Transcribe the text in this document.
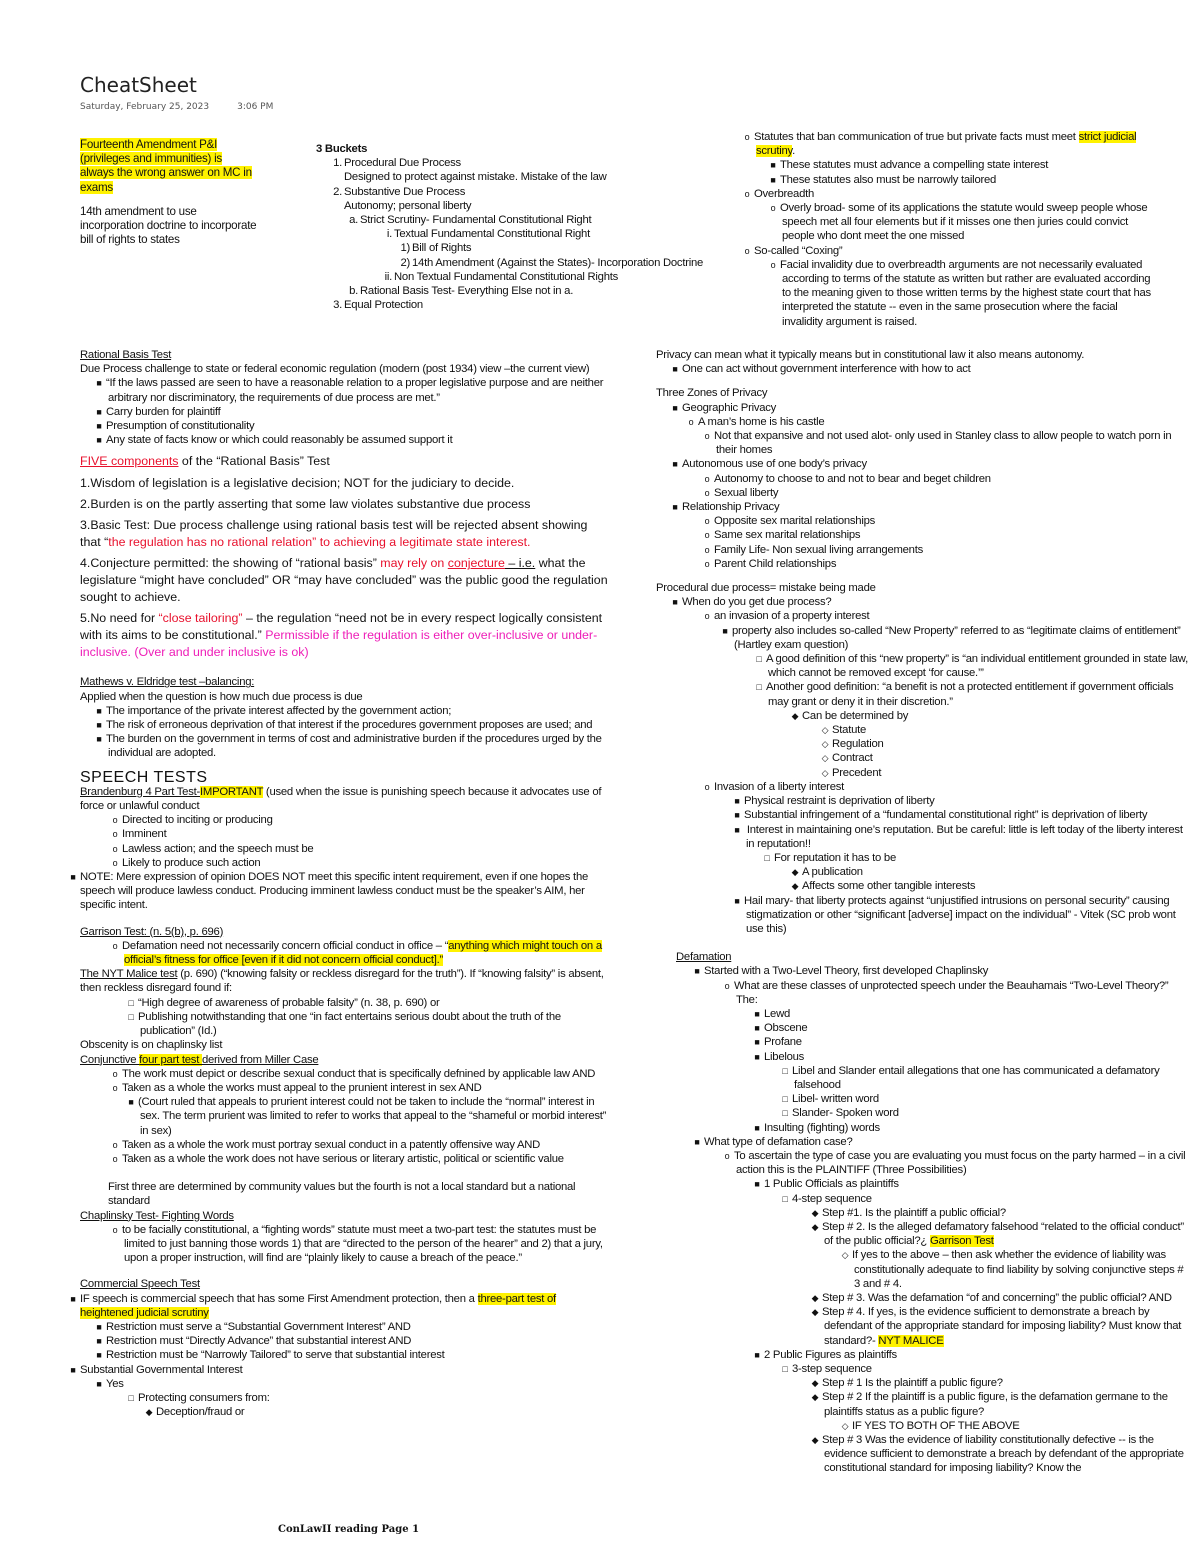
CheatSheet
Saturday, February 25, 2023	3:06 PM

Fourteenth Amendment P&I (privileges and immunities) is always the wrong answer on MC in exams

14th amendment to use incorporation doctrine to incorporate bill of rights to states

3 Buckets

1. Procedural Due Process

Designed to protect against mistake. Mistake of the law

2. Substantive Due Process

Autonomy; personal liberty

a. Strict Scrutiny- Fundamental Constitutional Right

i. Textual Fundamental Constitutional Right

1) Bill of Rights

2) 14th Amendment (Against the States)- Incorporation Doctrine

ii. Non Textual Fundamental Constitutional Rights

b. Rational Basis Test- Everything Else not in a.

3. Equal Protection

Rational Basis Test

Due Process challenge to state or federal economic regulation (modern (post 1934) view –the current view)

■ “If the laws passed are seen to have a reasonable relation to a proper legislative purpose and are neither arbitrary nor discriminatory, the requirements of due process are met.”

■ Carry burden for plaintiff

■ Presumption of constitutionality

■ Any state of facts know or which could reasonably be assumed support it

FIVE components of the “Rational Basis” Test

1.Wisdom of legislation is a legislative decision; NOT for the judiciary to decide.

2.Burden is on the partly asserting that some law violates substantive due process

3.Basic Test: Due process challenge using rational basis test will be rejected absent showing that “the regulation has no rational relation” to achieving a legitimate state interest.

4.Conjecture permitted: the showing of “rational basis” may rely on conjecture – i.e. what the legislature “might have concluded” OR “may have concluded” was the public good the regulation sought to achieve.

5.No need for “close tailoring” – the regulation “need not be in every respect logically consistent with its aims to be constitutional.” Permissible if the regulation is either over-inclusive or under-inclusive. (Over and under inclusive is ok)

Mathews v. Eldridge test –balancing:

Applied when the question is how much due process is due

■ The importance of the private interest affected by the government action;

■ The risk of erroneous deprivation of that interest if the procedures government proposes are used; and

■ The burden on the government in terms of cost and administrative burden if the procedures urged by the individual are adopted.

SPEECH TESTS

Brandenburg 4 Part Test-IMPORTANT (used when the issue is punishing speech because it advocates use of force or unlawful conduct

o Directed to inciting or producing

o Imminent

o Lawless action; and the speech must be

o Likely to produce such action

■ NOTE: Mere expression of opinion DOES NOT meet this specific intent requirement, even if one hopes the speech will produce lawless conduct. Producing imminent lawless conduct must be the speaker’s AIM, her specific intent.

Garrison Test: (n. 5(b), p. 696)

o Defamation need not necessarily concern official conduct in office – “anything which might touch on a official’s fitness for office [even if it did not concern official conduct].”

The NYT Malice test (p. 690) (“knowing falsity or reckless disregard for the truth”). If “knowing falsity” is absent, then reckless disregard found if:

□ “High degree of awareness of probable falsity” (n. 38, p. 690) or

□ Publishing notwithstanding that one “in fact entertains serious doubt about the truth of the publication” (Id.)

Obscenity is on chaplinsky list

Conjunctive four part test derived from Miller Case

o The work must depict or describe sexual conduct that is specifically defnined by applicable law AND

o Taken as a whole the works must appeal to the prunient interest in sex AND

■ (Court ruled that appeals to prurient interest could not be taken to include the “normal” interest in sex. The term prurient was limited to refer to works that appeal to the “shameful or morbid interest” in sex)

o Taken as a whole the work must portray sexual conduct in a patently offensive way AND

o Taken as a whole the work does not have serious or literary artistic, political or scientific value

First three are determined by community values but the fourth is not a local standard but a national standard

Chaplinsky Test- Fighting Words

o to be facially constitutional, a “fighting words” statute must meet a two-part test: the statutes must be limited to just banning those words 1) that are “directed to the person of the hearer” and 2) that a jury, upon a proper instruction, will find are “plainly likely to cause a breach of the peace.”

Commercial Speech Test

■ IF speech is commercial speech that has some First Amendment protection, then a three-part test of heightened judicial scrutiny

■ Restriction must serve a “Substantial Government Interest” AND

■ Restriction must “Directly Advance” that substantial interest AND

■ Restriction must be “Narrowly Tailored” to serve that substantial interest

■ Substantial Governmental Interest

■ Yes

□ Protecting consumers from:

◆ Deception/fraud or

o Statutes that ban communication of true but private facts must meet strict judicial scrutiny.

■ These statutes must advance a compelling state interest

■ These statutes also must be narrowly tailored

o Overbreadth

o Overly broad- some of its applications the statute would sweep people whose speech met all four elements but if it misses one then juries could convict people who dont meet the one missed

o So-called “Coxing”

o Facial invalidity due to overbreadth arguments are not necessarily evaluated according to terms of the statute as written but rather are evaluated according to the meaning given to those written terms by the highest state court that has interpreted the statute -- even in the same prosecution where the facial invalidity argument is raised.

Privacy can mean what it typically means but in constitutional law it also means autonomy.

■ One can act without government interference with how to act

Three Zones of Privacy

■ Geographic Privacy

o A man’s home is his castle

o Not that expansive and not used alot- only used in Stanley class to allow people to watch porn in their homes

■ Autonomous use of one body’s privacy

o Autonomy to choose to and not to bear and beget children

o Sexual liberty

■ Relationship Privacy

o Opposite sex marital relationships

o Same sex marital relationships

o Family Life- Non sexual living arrangements

o Parent Child relationships

Procedural due process= mistake being made

■ When do you get due process?

o an invasion of a property interest

■ property also includes so-called “New Property” referred to as “legitimate claims of entitlement” (Hartley exam question)

□ A good definition of this “new property” is “an individual entitlement grounded in state law, which cannot be removed except ‘for cause.’”

□ Another good definition: “a benefit is not a protected entitlement if government officials may grant or deny it in their discretion.”

◆ Can be determined by

◇ Statute

◇ Regulation

◇ Contract

◇ Precedent

o Invasion of a liberty interest

■ Physical restraint is deprivation of liberty

■ Substantial infringement of a “fundamental constitutional right” is deprivation of liberty

■ Interest in maintaining one’s reputation. But be careful: little is left today of the liberty interest in reputation!!

□ For reputation it has to be

◆ A publication

◆ Affects some other tangible interests

■ Hail mary- that liberty protects against “unjustified intrusions on personal security” causing stigmatization or other “significant [adverse] impact on the individual” - Vitek (SC prob wont use this)

Defamation

■ Started with a Two-Level Theory, first developed Chaplinsky

o What are these classes of unprotected speech under the Beauhamais “Two-Level Theory?” The:

■ Lewd

■ Obscene

■ Profane

■ Libelous

□ Libel and Slander entail allegations that one has communicated a defamatory falsehood

□ Libel- written word

□ Slander- Spoken word

■ Insulting (fighting) words

■ What type of defamation case?

o To ascertain the type of case you are evaluating you must focus on the party harmed – in a civil action this is the PLAINTIFF (Three Possibilities)

■ 1 Public Officials as plaintiffs

□ 4-step sequence

◆ Step #1. Is the plaintiff a public official?

◆ Step # 2. Is the alleged defamatory falsehood “related to the official conduct” of the public official?¿ Garrison Test

◇ If yes to the above – then ask whether the evidence of liability was constitutionally adequate to find liability by solving conjunctive steps # 3 and # 4.

◆ Step # 3. Was the defamation “of and concerning” the public official? AND

◆ Step # 4. If yes, is the evidence sufficient to demonstrate a breach by defendant of the appropriate standard for imposing liability? Must know that standard?- NYT MALICE

■ 2 Public Figures as plaintiffs

□ 3-step sequence

◆ Step # 1 Is the plaintiff a public figure?

◆ Step # 2 If the plaintiff is a public figure, is the defamation germane to the plaintiffs status as a public figure?

◇ IF YES TO BOTH OF THE ABOVE

◆ Step # 3 Was the evidence of liability constitutionally defective -- is the evidence sufficient to demonstrate a breach by defendant of the appropriate constitutional standard for imposing liability? Know the

ConLawII reading Page 1
